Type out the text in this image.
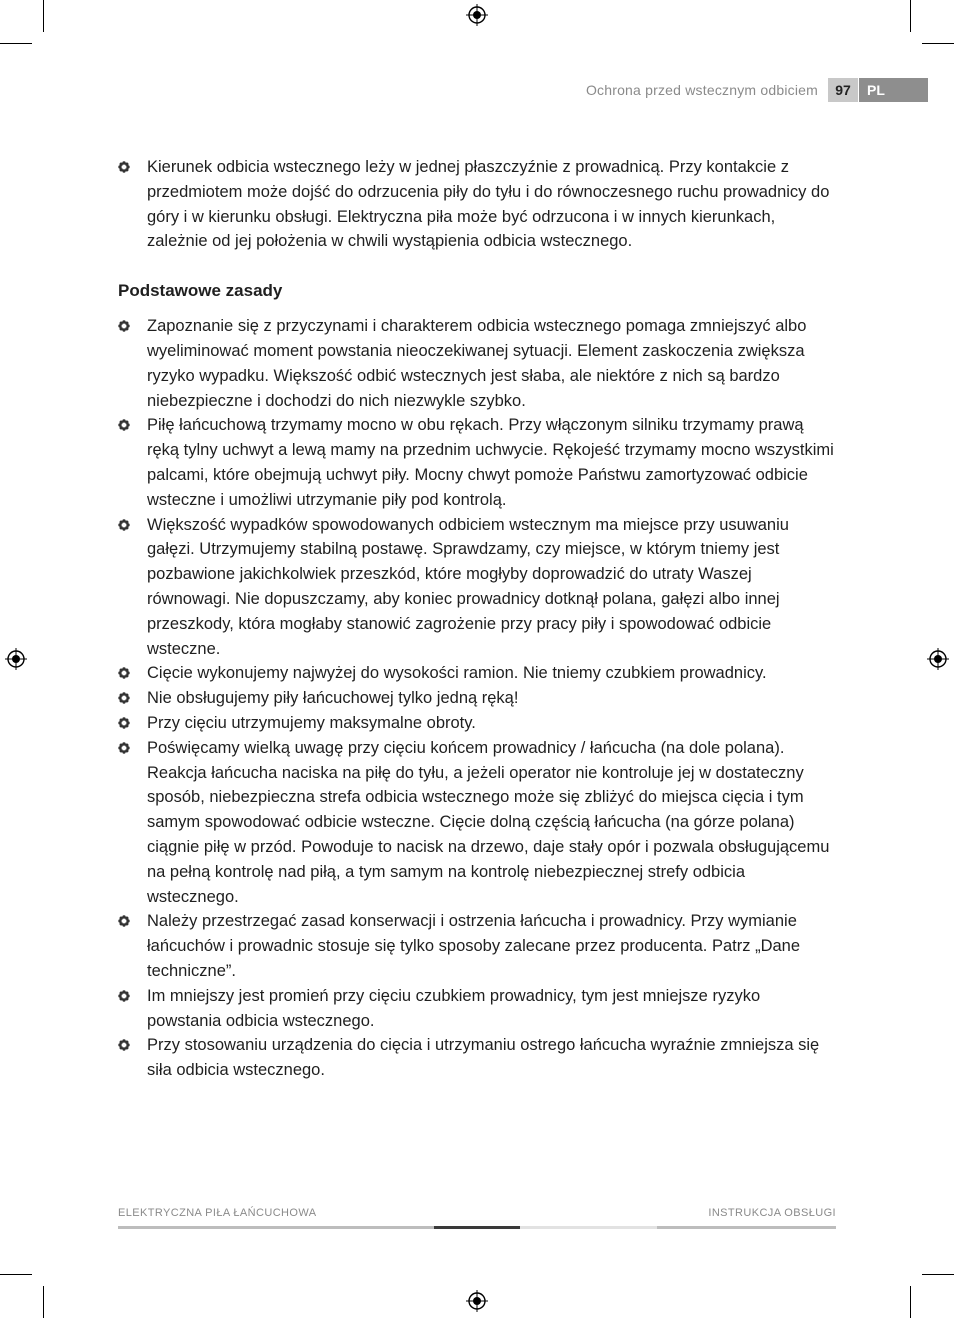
Ochrona przed wstecznym odbiciem	97	PL
Kierunek odbicia wstecznego leży w jednej płaszczyźnie z prowadnicą. Przy kontakcie z przedmiotem może dojść do odrzucenia piły do tyłu i do równoczesnego ruchu prowadnicy do góry i w kierunku obsługi. Elektryczna piła może być odrzucona i w innych kierunkach, zależnie od jej położenia w chwili wystąpienia odbicia wstecznego.
Podstawowe zasady
Zapoznanie się z przyczynami i charakterem odbicia wstecznego pomaga zmniejszyć albo wyeliminować moment powstania nieoczekiwanej sytuacji. Element zaskoczenia zwiększa ryzyko wypadku. Większość odbić wstecznych jest słaba, ale niektóre z nich są bardzo niebezpieczne i dochodzi do nich niezwykle szybko.
Piłę łańcuchową trzymamy mocno w obu rękach. Przy włączonym silniku trzymamy prawą ręką tylny uchwyt a lewą mamy na przednim uchwycie. Rękojeść trzymamy mocno wszystkimi palcami, które obejmują uchwyt piły. Mocny chwyt pomoże Państwu zamortyzować odbicie wsteczne i umożliwi utrzymanie piły pod kontrolą.
Większość wypadków spowodowanych odbiciem wstecznym ma miejsce przy usuwaniu gałęzi. Utrzymujemy stabilną postawę. Sprawdzamy, czy miejsce, w którym tniemy jest pozbawione jakichkolwiek przeszkód, które mogłyby doprowadzić do utraty Waszej równowagi. Nie dopuszczamy, aby koniec prowadnicy dotknął polana, gałęzi albo innej przeszkody, która mogłaby stanowić zagrożenie przy pracy piły i spowodować odbicie wsteczne.
Cięcie wykonujemy najwyżej do wysokości ramion. Nie tniemy czubkiem prowadnicy.
Nie obsługujemy piły łańcuchowej tylko jedną ręką!
Przy cięciu utrzymujemy maksymalne obroty.
Poświęcamy wielką uwagę przy cięciu końcem prowadnicy / łańcucha (na dole polana). Reakcja łańcucha naciska na piłę do tyłu, a jeżeli operator nie kontroluje jej w dostateczny sposób, niebezpieczna strefa odbicia wstecznego może się zbliżyć do miejsca cięcia i tym samym spowodować odbicie wsteczne. Cięcie dolną częścią łańcucha (na górze polana) ciągnie piłę w przód. Powoduje to nacisk na drzewo, daje stały opór i pozwala obsługującemu na pełną kontrolę nad piłą, a tym samym na kontrolę niebezpiecznej strefy odbicia wstecznego.
Należy przestrzegać zasad konserwacji i ostrzenia łańcucha i prowadnicy. Przy wymianie łańcuchów i prowadnic stosuje się tylko sposoby zalecane przez producenta. Patrz „Dane techniczne”.
Im mniejszy jest promień przy cięciu czubkiem prowadnicy, tym jest mniejsze ryzyko powstania odbicia wstecznego.
Przy stosowaniu urządzenia do cięcia i utrzymaniu ostrego łańcucha wyraźnie zmniejsza się siła odbicia wstecznego.
ELEKTRYCZNA PIŁA ŁAŃCUCHOWA	INSTRUKCJA OBSŁUGI
